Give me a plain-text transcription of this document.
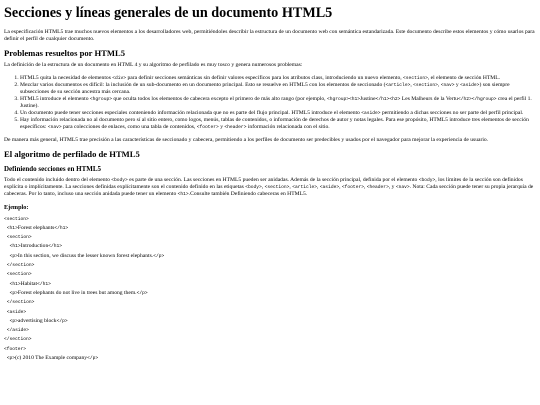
Secciones y líneas generales de un documento HTML5

La especificación HTML5 trae muchos nuevos elementos a los desarrolladores web, permitiéndoles describir la estructura de un documento web con semántica estandarizada. Este documento describe estos elementos y cómo usarlos para definir el perfil de cualquier documento.

Problemas resueltos por HTML5

La definición de la estructura de un documento en HTML 4 y su algoritmo de perfilado es muy tosco y genera numerosos problemas:

1. HTML5 quita la necesidad de elementos <div> para definir secciones semánticas sin definir valores específicos para los atributos class, introduciendo un nuevo elemento, <section>, el elemento de sección HTML.
2. Mezclar varios documentos es difícil: la inclusión de un sub-documento en un documento principal. Esto se resuelve en HTML5 con los elementos de seccionado (<article>, <section>, <nav> y <aside>) son siempre subsecciones de su sección ancestra más cercana.
3. HTML5 introduce el elemento <hgroup> que oculta todos los elementos de cabecera excepto el primero de más alto rango (por ejemplo, <hgroup><h1>Justine</h1><h2> Les Malheurs de la Vertu</h2></hgroup> crea el perfil 1. Justine).
4. Un documento puede tener secciones especiales conteniendo información relacionada que no es parte del flujo principal. HTML5 introduce el elemento <aside> permitiendo a dichas secciones no ser parte del perfil principal.
5. Hay información relacionada no al documento pero sí al sitio entero, como logos, menús, tablas de contenidos, o información de derechos de autor y notas legales. Para ese propósito, HTML5 introduce tres elementos de sección específicos: <nav> para colecciones de enlaces, como una tabla de contenidos, <footer> y <header> información relacionada con el sitio.

De manera más general, HTML5 trae precisión a las características de seccionado y cabecera, permitiendo a los perfiles de documento ser predecibles y usados por el navegador para mejorar la experiencia de usuario.

El algoritmo de perfilado de HTML5
Definiendo secciones en HTML5

Todo el contenido incluido dentro del elemento <body> es parte de una sección. Las secciones en HTML5 pueden ser anidadas. Además de la sección principal, definida por el elemento <body>, los límites de la sección son definidos explícita o implícitamente. La secciones definidas explícitamente son el contenido definido en las etiquetas <body>, <section>, <article>, <aside>, <footer>, <header>, y <nav>. Nota: Cada sección puede tener su propia jerarquía de cabeceras. Por lo tanto, incluso una sección anidada puede tener un elemento <h1>.Consulte también Definiendo cabeceras en HTML5.

Ejemplo:
<section>
<h1>Forest elephants</h1>
<section>
<h1>Introduction</h1>
<p>In this section, we discuss the lesser known forest elephants.</p>
</section>
<section>
<h1>Habitat</h1>
<p>Forest elephants do not live in trees but among them.</p>
</section>
<aside>
<p>advertising block</p>
</aside>
</section>
<footer>
<p>(c) 2010 The Example company</p>
